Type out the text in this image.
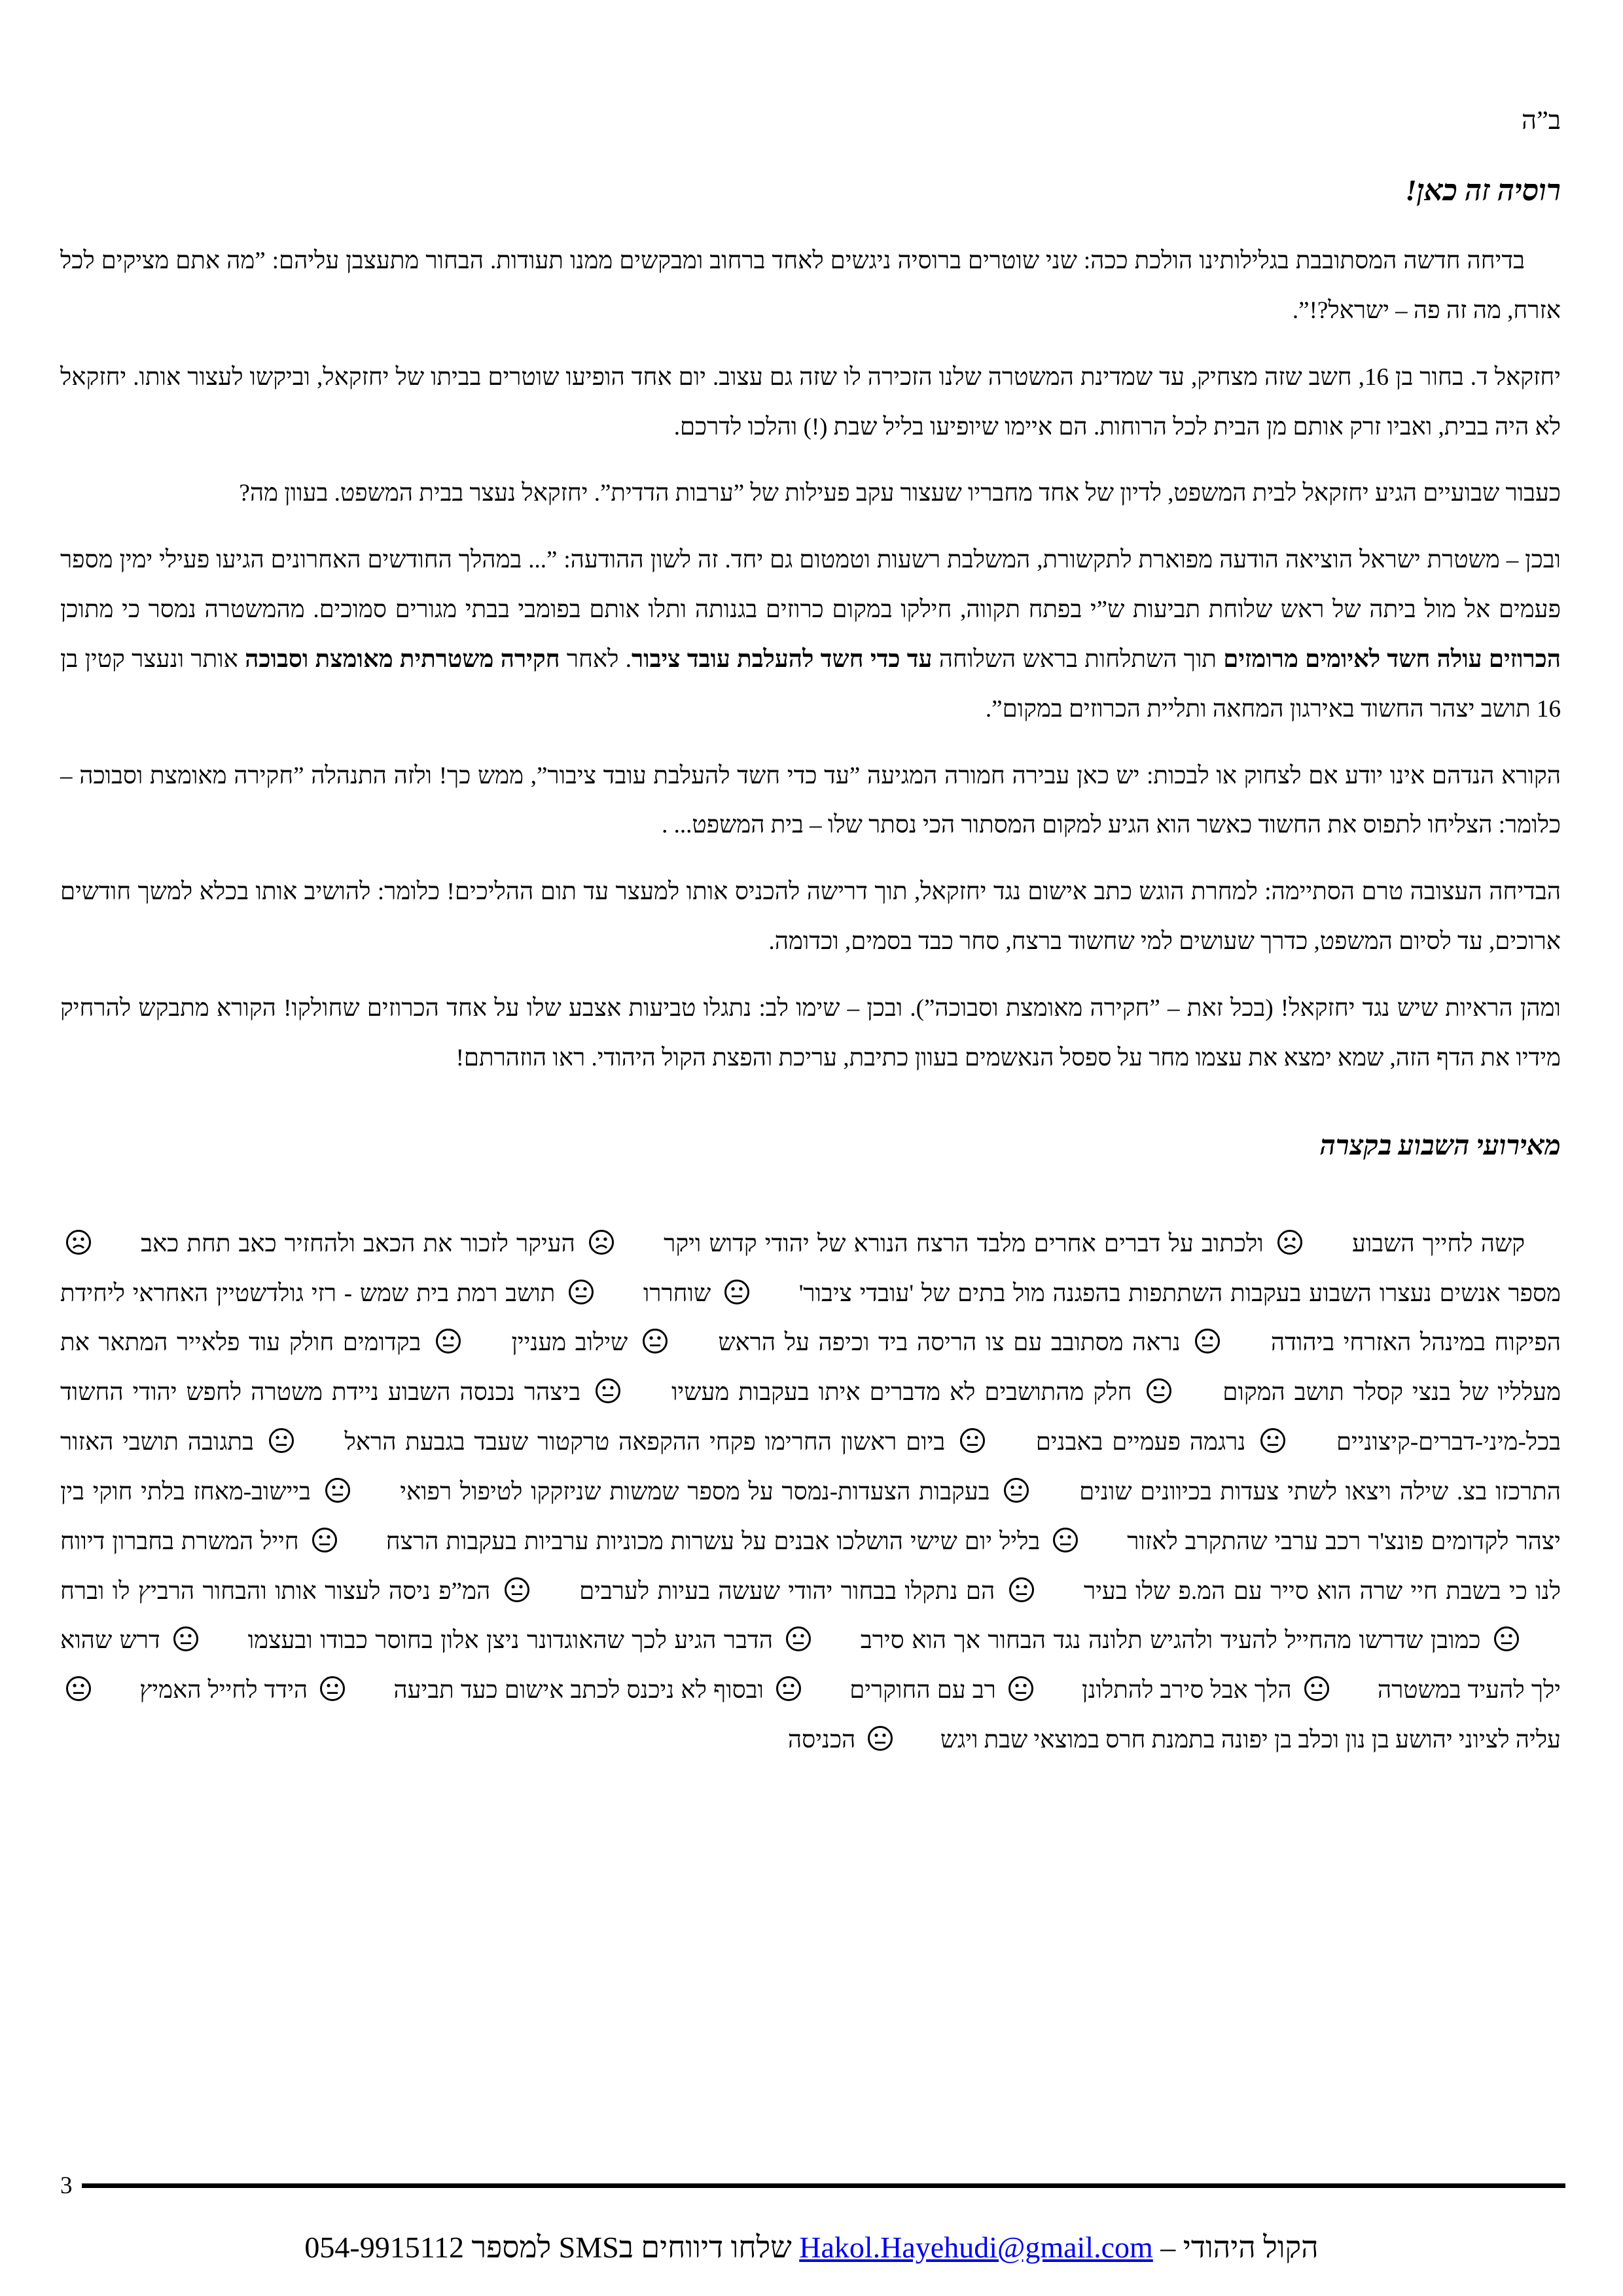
ב”ה
רוסיה זה כאן!

בדיחה חדשה המסתובבת בגלילותינו הולכת ככה: שני שוטרים ברוסיה ניגשים לאחד ברחוב ומבקשים ממנו תעודות. הבחור מתעצבן עליהם: ”מה אתם מציקים לכל אזרח, מה זה פה – ישראל?!”.

יחזקאל ד. בחור בן 16, חשב שזה מצחיק, עד שמדינת המשטרה שלנו הזכירה לו שזה גם עצוב. יום אחד הופיעו שוטרים בביתו של יחזקאל, וביקשו לעצור אותו. יחזקאל לא היה בבית, ואביו זרק אותם מן הבית לכל הרוחות. הם איימו שיופיעו בליל שבת (!) והלכו לדרכם.

כעבור שבועיים הגיע יחזקאל לבית המשפט, לדיון של אחד מחבריו שעצור עקב פעילות של ”ערבות הדדית”. יחזקאל נעצר בבית המשפט. בעוון מה?

ובכן – משטרת ישראל הוציאה הודעה מפוארת לתקשורת, המשלבת רשעות וטמטום גם יחד. זה לשון ההודעה: ”... במהלך החודשים האחרונים הגיעו פעילי ימין מספר פעמים אל מול ביתה של ראש שלוחת תביעות ש”י בפתח תקווה, חילקו במקום כרוזים בגנותה ותלו אותם בפומבי בבתי מגורים סמוכים. מהמשטרה נמסר כי מתוכן הכרוזים עולה חשד לאיומים מרומזים תוך השתלחות בראש השלוחה עד כדי חשד להעלבת עובד ציבור. לאחר חקירה משטרתית מאומצת וסבוכה אותר ונעצר קטין בן 16 תושב יצהר החשוד באירגון המחאה ותליית הכרוזים במקום”.

הקורא הנדהם אינו יודע אם לצחוק או לבכות: יש כאן עבירה חמורה המגיעה ”עד כדי חשד להעלבת עובד ציבור”, ממש כך! ולזה התנהלה ”חקירה מאומצת וסבוכה – כלומר: הצליחו לתפוס את החשוד כאשר הוא הגיע למקום המסתור הכי נסתר שלו – בית המשפט... .

הבדיחה העצובה טרם הסתיימה: למחרת הוגש כתב אישום נגד יחזקאל, תוך דרישה להכניס אותו למעצר עד תום ההליכים! כלומר: להושיב אותו בכלא למשך חודשים ארוכים, עד לסיום המשפט, כדרך שעושים למי שחשוד ברצח, סחר כבד בסמים, וכדומה.

ומהן הראיות שיש נגד יחזקאל! (בכל זאת – ”חקירה מאומצת וסבוכה”). ובכן – שימו לב: נתגלו טביעות אצבע שלו על אחד הכרוזים שחולקו! הקורא מתבקש להרחיק מידיו את הדף הזה, שמא ימצא את עצמו מחר על ספסל הנאשמים בעוון כתיבת, עריכת והפצת הקול היהודי. ראו הוזהרתם!

מאירועי השבוע בקצרה

קשה לחייך השבוע  ולכתוב על דברים אחרים מלבד הרצח הנורא של יהודי קדוש ויקר  העיקר לזכור את הכאב ולהחזיר כאב תחת כאב  מספר אנשים נעצרו השבוע בעקבות השתתפות בהפגנה מול בתים של 'עובדי ציבור'  שוחררו  תושב רמת בית שמש - רזי גולדשטיין האחראי ליחידת הפיקוח במינהל האזרחי ביהודה  נראה מסתובב עם צו הריסה ביד וכיפה על הראש  שילוב מעניין  בקדומים חולק עוד פלאייר המתאר את מעלליו של בנצי קסלר תושב המקום  חלק מהתושבים לא מדברים איתו בעקבות מעשיו  ביצהר נכנסה השבוע ניידת משטרה לחפש יהודי החשוד בכל-מיני-דברים-קיצוניים  נרגמה פעמיים באבנים  ביום ראשון החרימו פקחי ההקפאה טרקטור שעבד בגבעת הראל  בתגובה תושבי האזור התרכזו בצ. שילה ויצאו לשתי צעדות בכיוונים שונים  בעקבות הצעדות-נמסר על מספר שמשות שניזקקו לטיפול רפואי  ביישוב-מאחז בלתי חוקי בין יצהר לקדומים פונצ'ר רכב ערבי שהתקרב לאזור  בליל יום שישי הושלכו אבנים על עשרות מכוניות ערביות בעקבות הרצח  חייל המשרת בחברון דיווח לנו כי בשבת חיי שרה הוא סייר עם המ.פ שלו בעיר  הם נתקלו בבחור יהודי שעשה בעיות לערבים  המ”פ ניסה לעצור אותו והבחור הרביץ לו וברח  כמובן שדרשו מהחייל להעיד ולהגיש תלונה נגד הבחור אך הוא סירב  הדבר הגיע לכך שהאוגדונר ניצן אלון בחוסר כבודו ובעצמו  דרש שהוא ילך להעיד במשטרה  הלך אבל סירב להתלונן  רב עם החוקרים  ובסוף לא ניכנס לכתב אישום כעד תביעה  הידד לחייל האמיץ  עליה לציוני יהושע בן נון וכלב בן יפונה בתמנת חרס במוצאי שבת ויגש  הכניסה

3
הקול היהודי – Hakol.Hayehudi@gmail.com שלחו דיווחים בSMS למספר 054-9915112
